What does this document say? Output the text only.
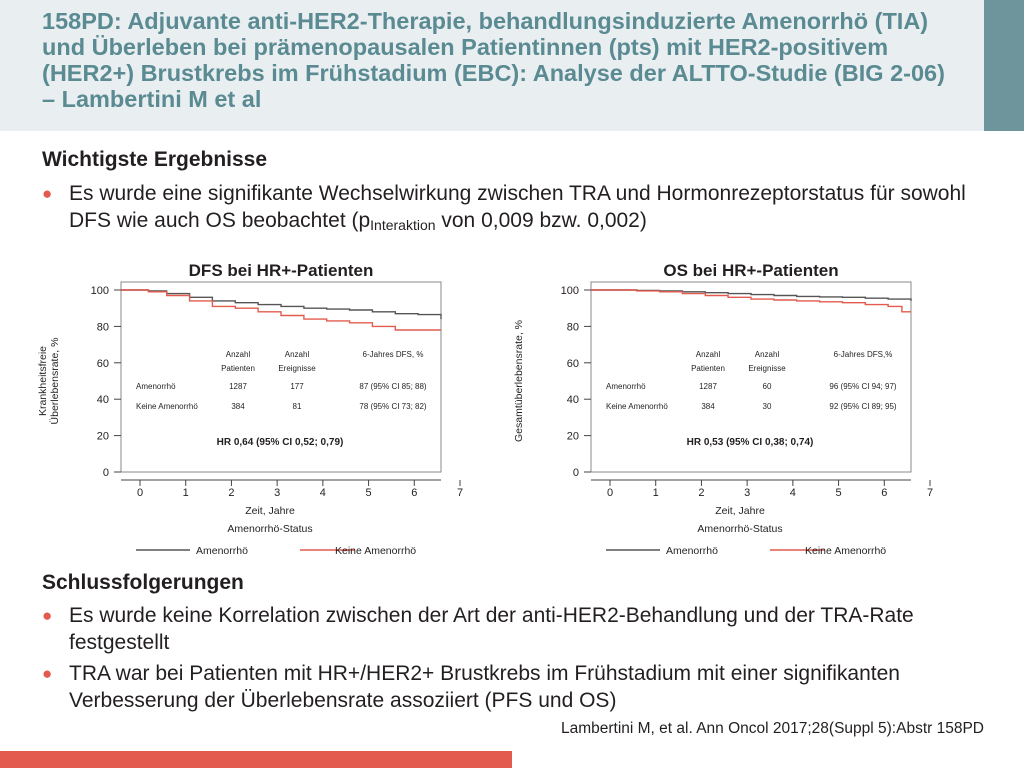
158PD: Adjuvante anti-HER2-Therapie, behandlungsinduzierte Amenorrhö (TIA) und Überleben bei prämenopausalen Patientinnen (pts) mit HER2-positivem (HER2+) Brustkrebs im Frühstadium (EBC): Analyse der ALTTO-Studie (BIG 2-06) – Lambertini M et al
Wichtigste Ergebnisse
● Es wurde eine signifikante Wechselwirkung zwischen TRA und Hormonrezeptorstatus für sowohl DFS wie auch OS beobachtet ($p_{Interaktion}$ von 0,009 bzw. 0,002)
DFS bei HR+-Patienten
0
20
40
60
80
100
0	1	2	3	4	5	6	7
Zeit, Jahre
Krankheitsfreie Überlebensrate, %	Anzahl
Patienten
Anzahl
Ereignisse
6-Jahres DFS, %
Amenorrhö	1287	177	87 (95% CI 85; 88)
Keine Amenorrhö	384	81	78 (95% CI 73; 82)
HR 0,64 (95% CI 0,52; 0,79)
Amenorrhö-Status
Amenorrhö	Keine Amenorrhö
OS bei HR+-Patienten
0
20
40
60
80
100
0	1	2	3	4	5	6	7
Zeit, Jahre
Gesamtüberlebensrate, %	Anzahl
Patienten
Anzahl
Ereignisse
6-Jahres DFS,%
Amenorrhö	1287	60	96 (95% CI 94; 97)
Keine Amenorrhö	384	30	92 (95% CI 89; 95)
HR 0,53 (95% CI 0,38; 0,74)
Amenorrhö-Status
Amenorrhö	Keine Amenorrhö
Schlussfolgerungen
● Es wurde keine Korrelation zwischen der Art der anti-HER2-Behandlung und der TRA-Rate festgestellt
● TRA war bei Patienten mit HR+/HER2+ Brustkrebs im Frühstadium mit einer signifikanten Verbesserung der Überlebensrate assoziiert (PFS und OS)
Lambertini M, et al. Ann Oncol 2017;28(Suppl 5):Abstr 158PD
